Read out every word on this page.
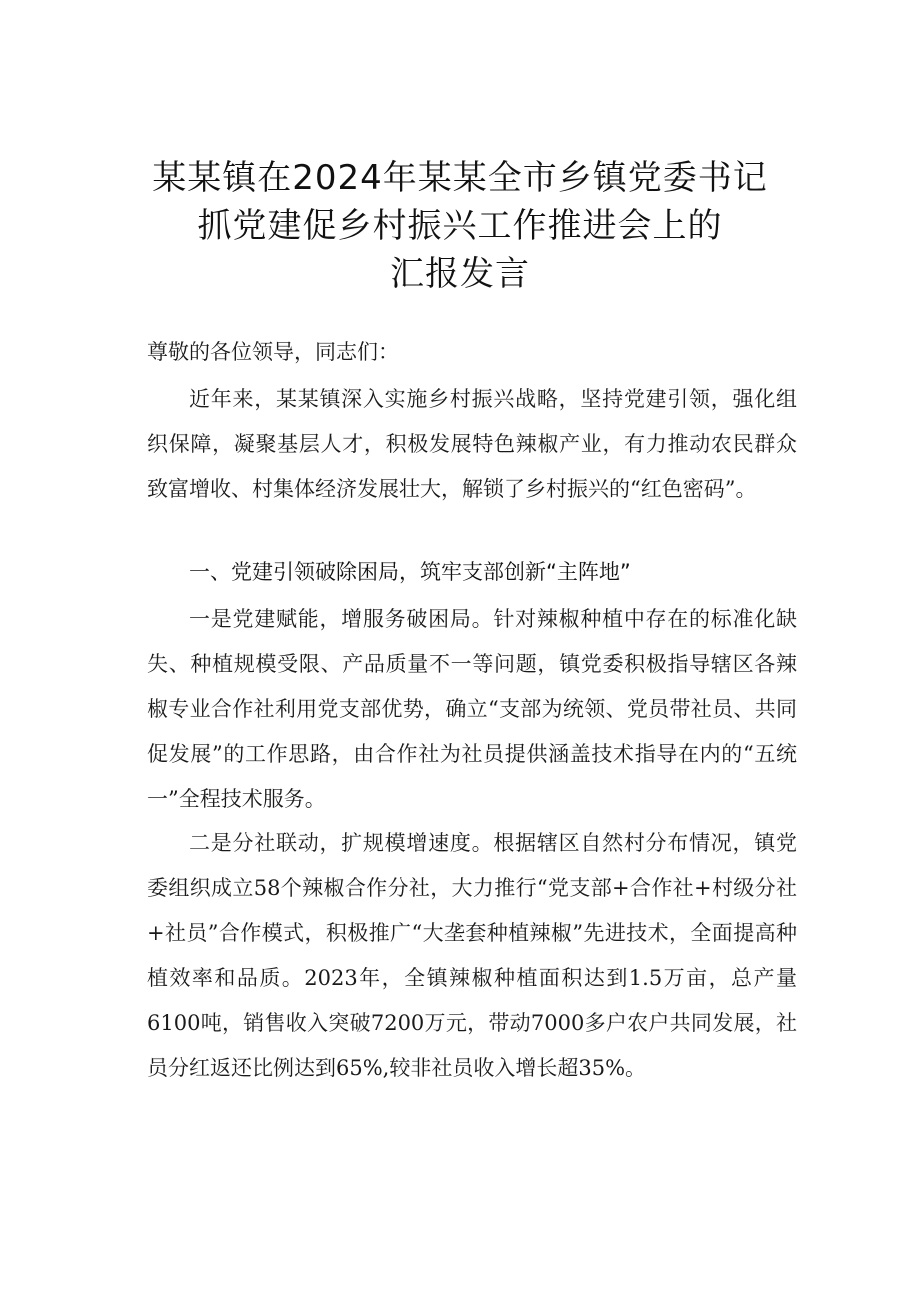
某某镇在2024年某某全市乡镇党委书记
抓党建促乡村振兴工作推进会上的
汇报发言
尊敬的各位领导，同志们：
近年来，某某镇深入实施乡村振兴战略，坚持党建引领，强化组织保障，凝聚基层人才，积极发展特色辣椒产业，有力推动农民群众致富增收、村集体经济发展壮大，解锁了乡村振兴的“红色密码”。
一、党建引领破除困局，筑牢支部创新“主阵地”
一是党建赋能，增服务破困局。针对辣椒种植中存在的标准化缺失、种植规模受限、产品质量不一等问题，镇党委积极指导辖区各辣椒专业合作社利用党支部优势，确立“支部为统领、党员带社员、共同促发展”的工作思路，由合作社为社员提供涵盖技术指导在内的“五统一”全程技术服务。
二是分社联动，扩规模增速度。根据辖区自然村分布情况，镇党委组织成立58个辣椒合作分社，大力推行“党支部+合作社+村级分社+社员”合作模式，积极推广“大垄套种植辣椒”先进技术，全面提高种植效率和品质。2023年，全镇辣椒种植面积达到1.5万亩，总产量6100吨，销售收入突破7200万元，带动7000多户农户共同发展，社员分红返还比例达到65%,较非社员收入增长超35%。
